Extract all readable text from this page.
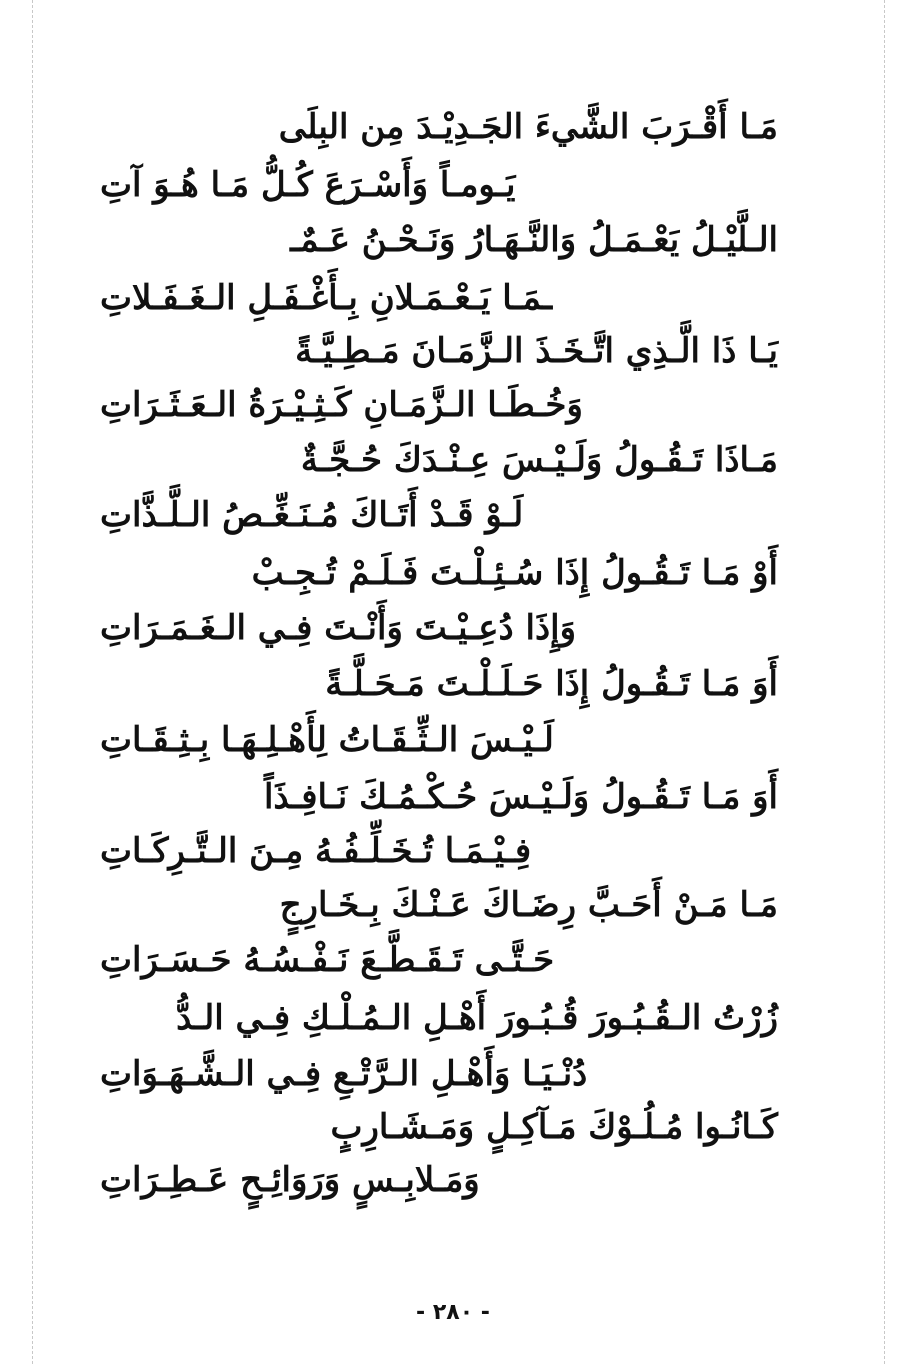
مَـا أَقْـرَبَ الشَّيءَ الجَـدِيْـدَ مِن البِلَى
يَـومـاً وَأَسْـرَعَ كُـلُّ مَـا هُـوَ آتِ
الـلَّيْـلُ يَعْـمَـلُ وَالنَّـهَـارُ وَنَـحْـنُ عَـمٌـ
ـمَـا يَـعْـمَـلانِ بِـأَغْـفَـلِ الـغَـفَـلاتِ
يَـا ذَا الَّـذِي اتَّـخَـذَ الـزَّمَـانَ مَـطِـيَّـةً
وَخُـطَـا الـزَّمَـانِ كَـثِـيْـرَةُ الـعَـثَـرَاتِ
مَـاذَا تَـقُـولُ وَلَـيْـسَ عِـنْـدَكَ حُـجَّـةٌ
لَـوْ قَـدْ أَتَـاكَ مُـنَـغِّـصُ الـلَّـذَّاتِ
أَوْ مَـا تَـقُـولُ إِذَا سُـئِـلْـتَ فَـلَـمْ تُـجِـبْ
وَإِذَا دُعِـيْـتَ وَأَنْـتَ فِـي الـغَـمَـرَاتِ
أَوَ مَـا تَـقُـولُ إِذَا حَـلَـلْـتَ مَـحَـلَّـةً
لَـيْـسَ الـثِّـقَـاتُ لِأَهْـلِـهَـا بِـثِـقَـاتِ
أَوَ مَـا تَـقُـولُ وَلَـيْـسَ حُـكْـمُـكَ نَـافِـذَاً
فِـيْـمَـا تُـخَـلِّـفُـهُ مِـنَ الـتَّـرِكَـاتِ
مَـا مَـنْ أَحَـبَّ رِضَـاكَ عَـنْـكَ بِـخَـارِجٍ
حَـتَّـى تَـقَـطَّـعَ نَـفْـسُـهُ حَـسَـرَاتِ
زُرْتُ الـقُـبُـورَ قُـبُـورَ أَهْـلِ الـمُـلْـكِ فِـي الـدُّ
دُنْـيَـا وَأَهْـلِ الـرَّتْـعِ فِـي الـشَّـهَـوَاتِ
كَـانُـوا مُـلُـوْكَ مَـآكِـلٍ وَمَـشَـارِبٍ
وَمَـلابِـسٍ وَرَوَائِـحٍ عَـطِـرَاتِ
- ٢٨٠ -
